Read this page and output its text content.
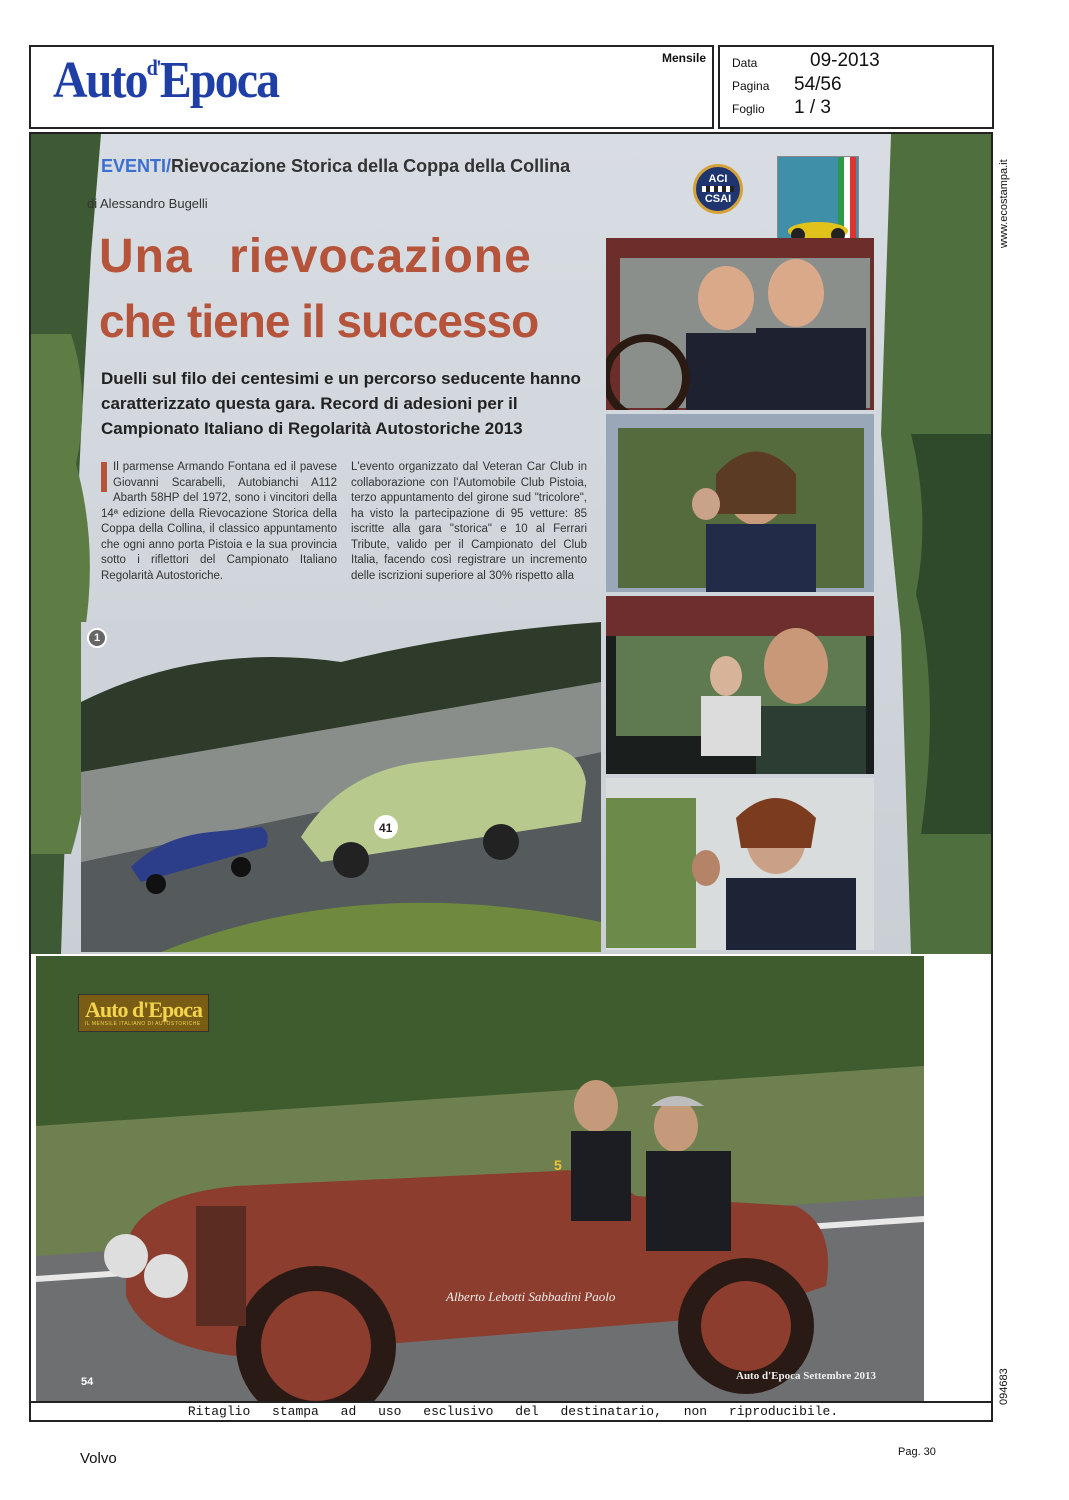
Auto$^{d'}$Epoca	Mensile Data	09-2013
Pagina 54/56
Foglio 1 / 3
www.ecostampa.it
094683
EVENTI/Rievocazione Storica della Coppa della Collina
di Alessandro Bugelli
ACI
CSAI
Una rievocazione
che tiene il successo
Duelli sul filo dei centesimi e un percorso seducente hanno caratterizzato questa gara. Record di adesioni per il Campionato Italiano di Regolarità Autostoriche 2013
Il parmense Armando Fontana ed il pavese Giovanni Scarabelli, Autobianchi A112 Abarth 58HP del 1972, sono i vincitori della 14ª edizione della Rievocazione Storica della Coppa della Collina, il classico appuntamento che ogni anno porta Pistoia e la sua provincia sotto i riflettori del Campionato Italiano Regolarità Autostoriche.
L'evento organizzato dal Veteran Car Club in collaborazione con l'Automobile Club Pistoia, terzo appuntamento del girone sud "tricolore", ha visto la partecipazione di 95 vetture: 85 iscritte alla gara "storica" e 10 al Ferrari Tribute, valido per il Campionato del Club Italia, facendo così registrare un incremento delle iscrizioni superiore al 30% rispetto alla
41
1
Alberto Lebotti Sabbadini Paolo
5
54	Auto d'Epoca Settembre 2013
Auto d'Epoca
IL MENSILE ITALIANO DI AUTOSTORICHE
Ritaglio stampa ad uso esclusivo del destinatario, non riproducibile.
Volvo	Pag. 30
